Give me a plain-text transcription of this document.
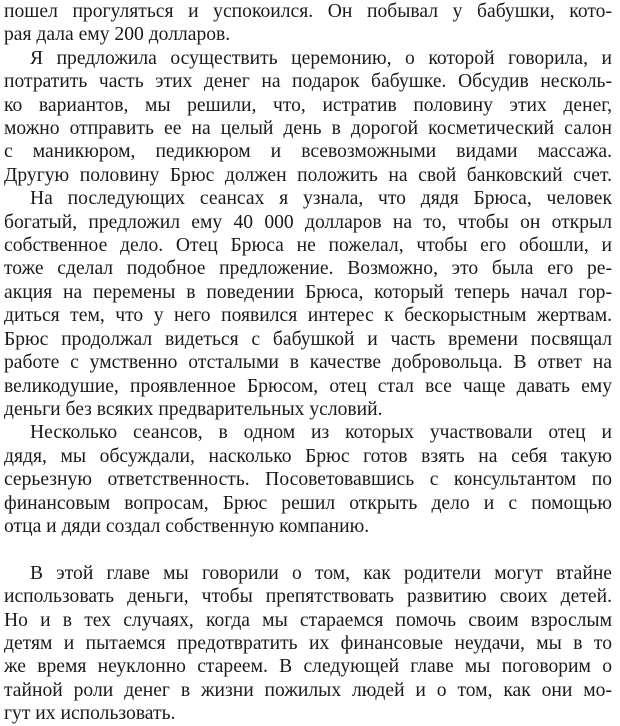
пошел прогуляться и успокоился. Он побывал у бабушки, кото-
рая дала ему 200 долларов.

Я предложила осуществить церемонию, о которой говорила, и
потратить часть этих денег на подарок бабушке. Обсудив несколь-
ко вариантов, мы решили, что, истратив половину этих денег,
можно отправить ее на целый день в дорогой косметический салон
с маникюром, педикюром и всевозможными видами массажа.
Другую половину Брюс должен положить на свой банковский счет.

На последующих сеансах я узнала, что дядя Брюса, человек
богатый, предложил ему 40 000 долларов на то, чтобы он открыл
собственное дело. Отец Брюса не пожелал, чтобы его обошли, и
тоже сделал подобное предложение. Возможно, это была его ре-
акция на перемены в поведении Брюса, который теперь начал гор-
диться тем, что у него появился интерес к бескорыстным жертвам.
Брюс продолжал видеться с бабушкой и часть времени посвящал
работе с умственно отсталыми в качестве добровольца. В ответ на
великодушие, проявленное Брюсом, отец стал все чаще давать ему
деньги без всяких предварительных условий.

Несколько сеансов, в одном из которых участвовали отец и
дядя, мы обсуждали, насколько Брюс готов взять на себя такую
серьезную ответственность. Посоветовавшись с консультантом по
финансовым вопросам, Брюс решил открыть дело и с помощью
отца и дяди создал собственную компанию.

В этой главе мы говорили о том, как родители могут втайне
использовать деньги, чтобы препятствовать развитию своих детей.
Но и в тех случаях, когда мы стараемся помочь своим взрослым
детям и пытаемся предотвратить их финансовые неудачи, мы в то
же время неуклонно стареем. В следующей главе мы поговорим о
тайной роли денег в жизни пожилых людей и о том, как они мо-
гут их использовать.
